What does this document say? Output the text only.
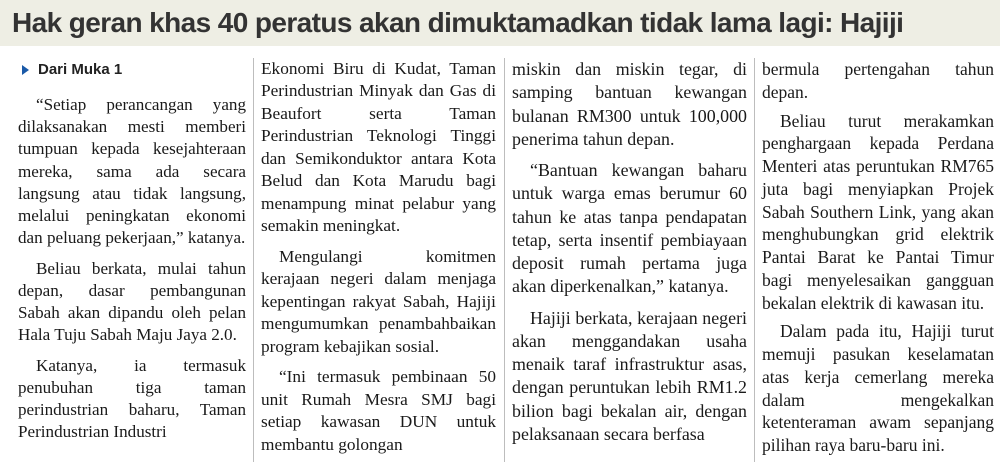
Hak geran khas 40 peratus akan dimuktamadkan tidak lama lagi: Hajiji
Dari Muka 1

“Setiap perancangan yang dilaksanakan mesti memberi tumpuan kepada kesejahteraan mereka, sama ada secara langsung atau tidak langsung, melalui peningkatan ekonomi dan peluang pekerjaan,” katanya.

Beliau berkata, mulai tahun depan, dasar pembangunan Sabah akan dipandu oleh pelan Hala Tuju Sabah Maju Jaya 2.0.

Katanya, ia termasuk penubuhan tiga taman perindustrian baharu, Taman Perindustrian Industri

Ekonomi Biru di Kudat, Taman Perindustrian Minyak dan Gas di Beaufort serta Taman Perindustrian Teknologi Tinggi dan Semikonduktor antara Kota Belud dan Kota Marudu bagi menampung minat pelabur yang semakin meningkat.

Mengulangi komitmen kerajaan negeri dalam menjaga kepentingan rakyat Sabah, Hajiji mengumumkan penambahbaikan program kebajikan sosial.

“Ini termasuk pembinaan 50 unit Rumah Mesra SMJ bagi setiap kawasan DUN untuk membantu golongan

miskin dan miskin tegar, di samping bantuan kewangan bulanan RM300 untuk 100,000 penerima tahun depan.

“Bantuan kewangan baharu untuk warga emas berumur 60 tahun ke atas tanpa pendapatan tetap, serta insentif pembiayaan deposit rumah pertama juga akan diperkenalkan,” katanya.

Hajiji berkata, kerajaan negeri akan menggandakan usaha menaik taraf infrastruktur asas, dengan peruntukan lebih RM1.2 bilion bagi bekalan air, dengan pelaksanaan secara berfasa

bermula pertengahan tahun depan.

Beliau turut merakamkan penghargaan kepada Perdana Menteri atas peruntukan RM765 juta bagi menyiapkan Projek Sabah Southern Link, yang akan menghubungkan grid elektrik Pantai Barat ke Pantai Timur bagi menyelesaikan gangguan bekalan elektrik di kawasan itu.

Dalam pada itu, Hajiji turut memuji pasukan keselamatan atas kerja cemerlang mereka dalam mengekalkan ketenteraman awam sepanjang pilihan raya baru-baru ini.
